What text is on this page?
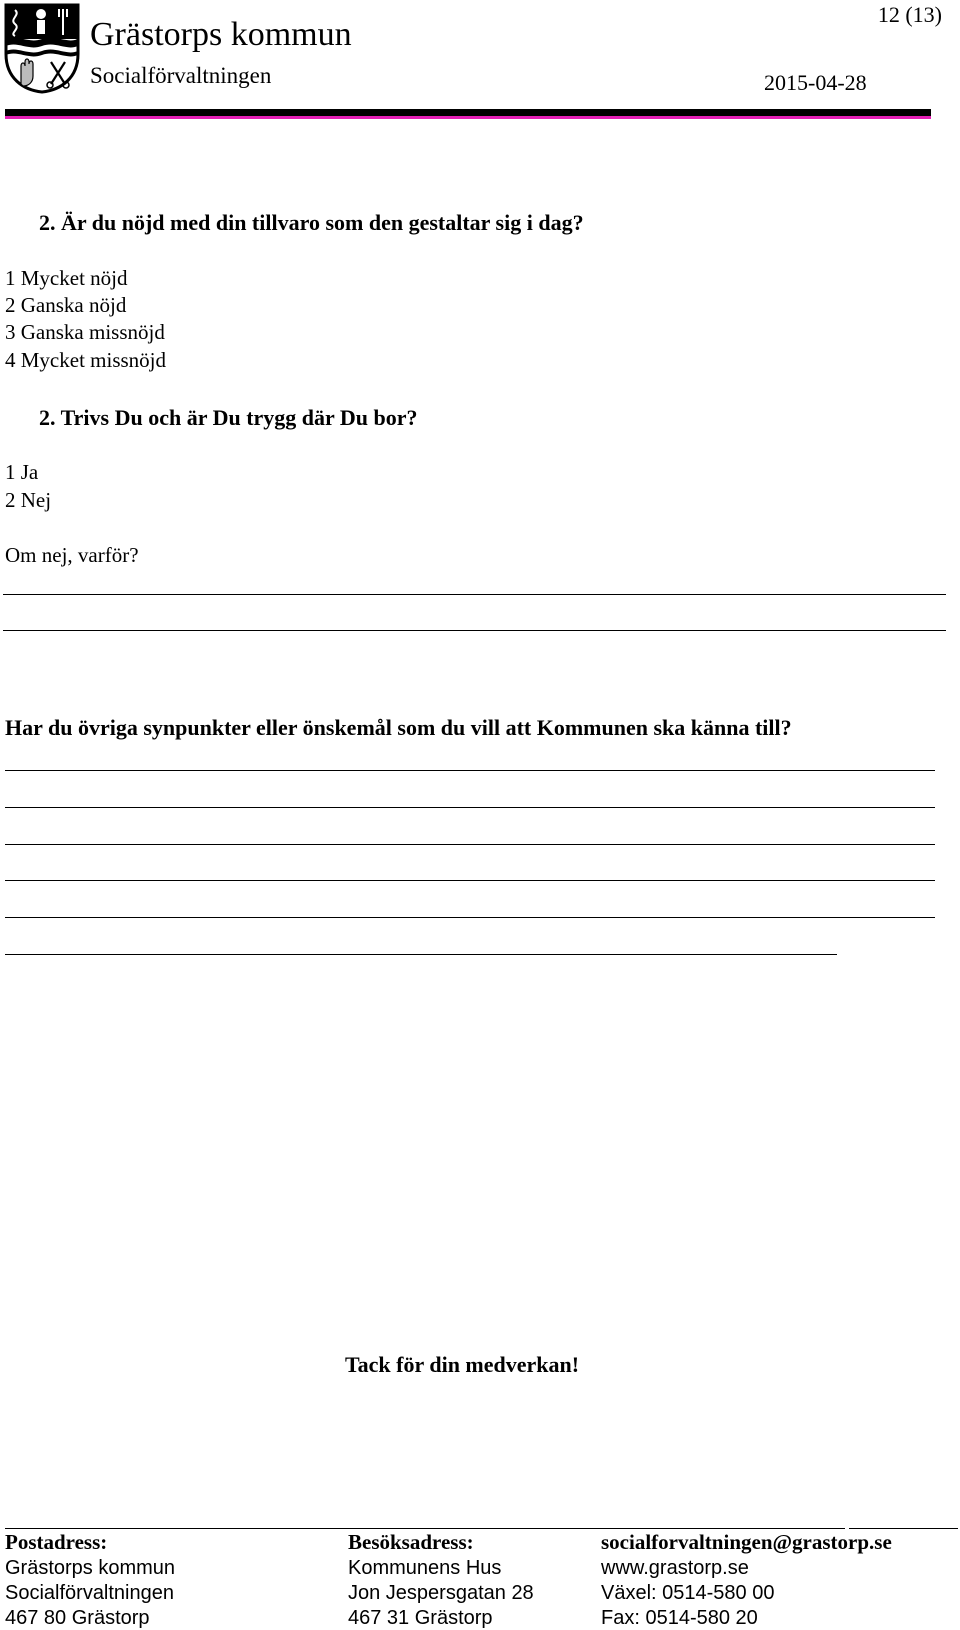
Grästorps kommun
Socialförvaltningen
12 (13)
2015-04-28
2. Är du nöjd med din tillvaro som den gestaltar sig i dag?
1 Mycket nöjd
2 Ganska nöjd
3 Ganska missnöjd
4 Mycket missnöjd
2. Trivs Du och är Du trygg där Du bor?
1 Ja
2 Nej
Om nej, varför?
Har du övriga synpunkter eller önskemål som du vill att Kommunen ska känna till?
Tack för din medverkan!
Postadress:
Grästorps kommun
Socialförvaltningen
467 80 Grästorp
Besöksadress:
Kommunens Hus
Jon Jespersgatan 28
467 31 Grästorp
socialforvaltningen@grastorp.se
www.grastorp.se
Växel: 0514-580 00
Fax: 0514-580 20
